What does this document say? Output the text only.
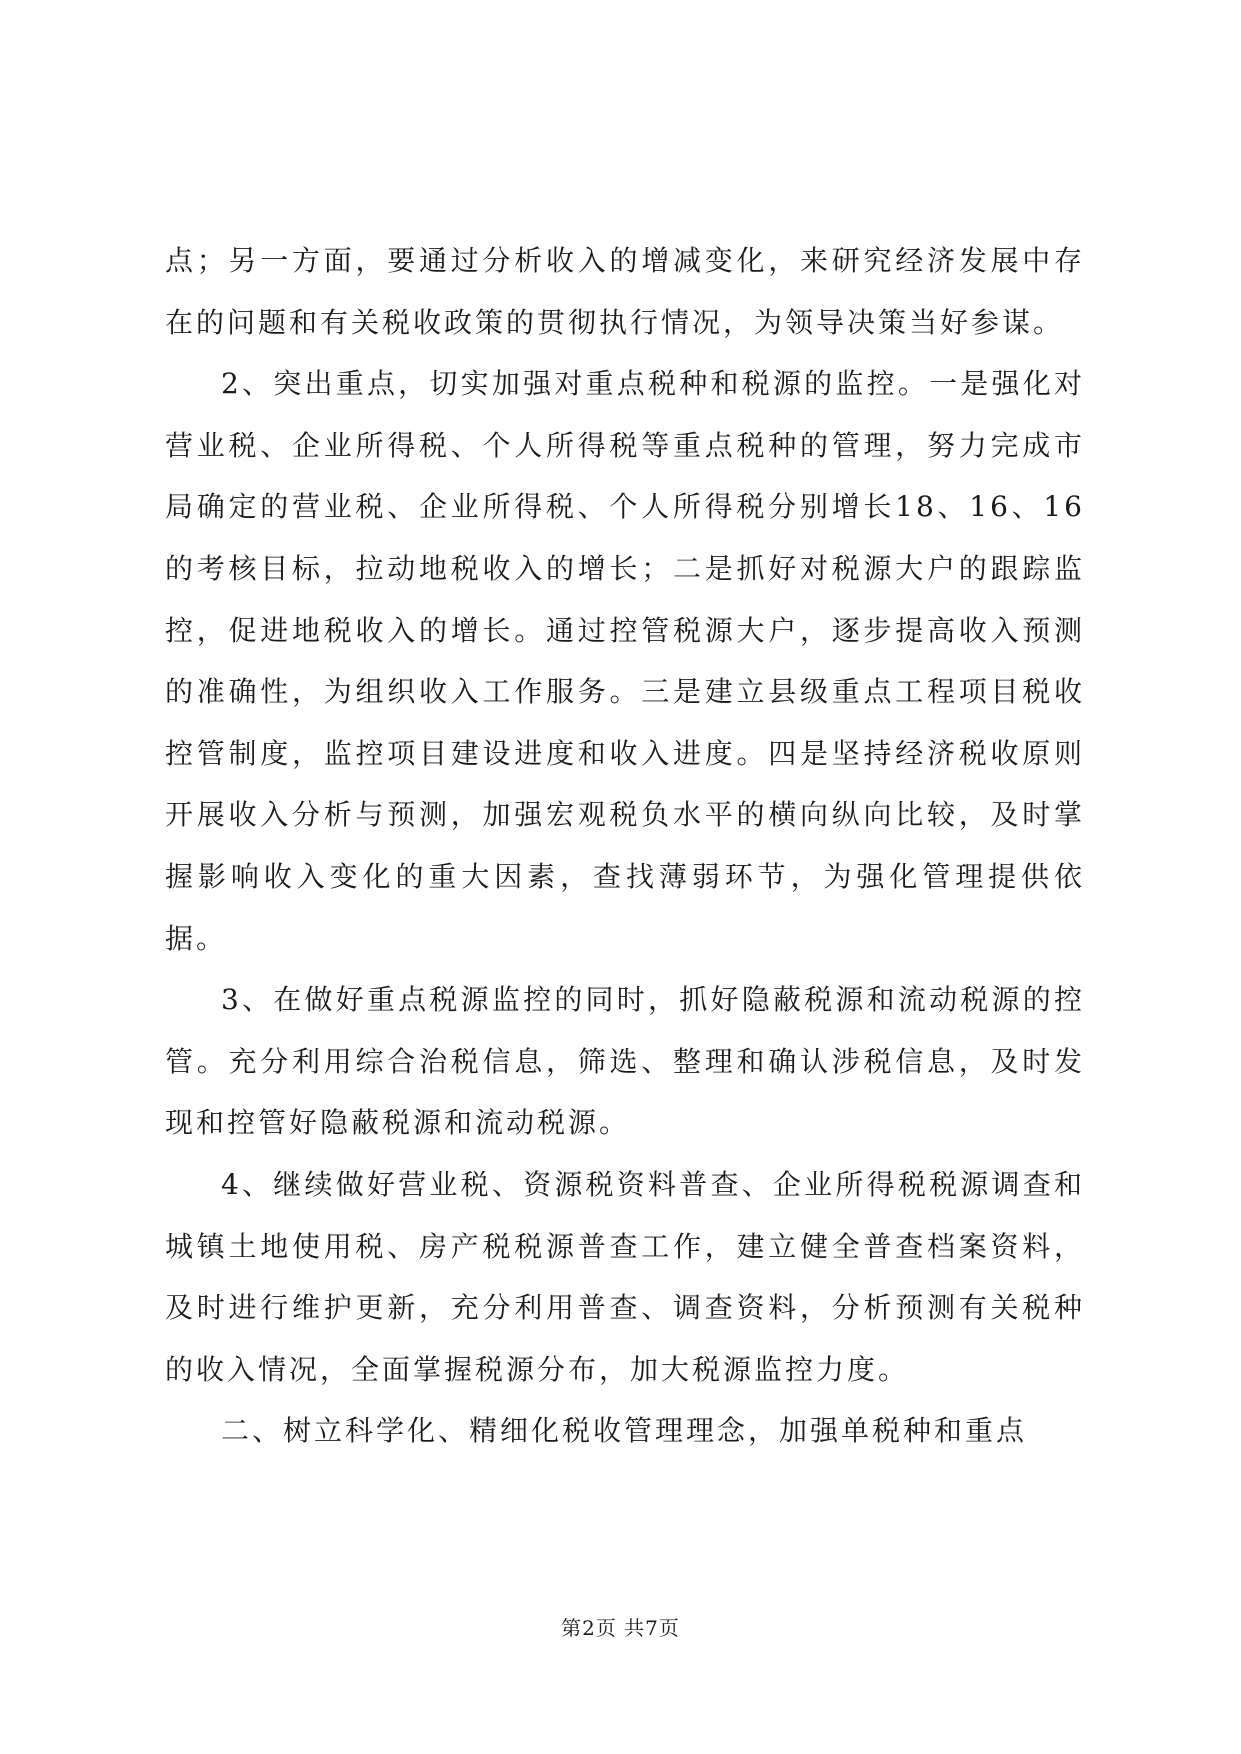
点；另一方面，要通过分析收入的增减变化，来研究经济发展中存在的问题和有关税收政策的贯彻执行情况，为领导决策当好参谋。

2、突出重点，切实加强对重点税种和税源的监控。一是强化对营业税、企业所得税、个人所得税等重点税种的管理，努力完成市局确定的营业税、企业所得税、个人所得税分别增长18、16、16的考核目标，拉动地税收入的增长；二是抓好对税源大户的跟踪监控，促进地税收入的增长。通过控管税源大户，逐步提高收入预测的准确性，为组织收入工作服务。三是建立县级重点工程项目税收控管制度，监控项目建设进度和收入进度。四是坚持经济税收原则开展收入分析与预测，加强宏观税负水平的横向纵向比较，及时掌握影响收入变化的重大因素，查找薄弱环节，为强化管理提供依据。

3、在做好重点税源监控的同时，抓好隐蔽税源和流动税源的控管。充分利用综合治税信息，筛选、整理和确认涉税信息，及时发现和控管好隐蔽税源和流动税源。

4、继续做好营业税、资源税资料普查、企业所得税税源调查和城镇土地使用税、房产税税源普查工作，建立健全普查档案资料，及时进行维护更新，充分利用普查、调查资料，分析预测有关税种的收入情况，全面掌握税源分布，加大税源监控力度。

二、树立科学化、精细化税收管理理念，加强单税种和重点

第2页 共7页
